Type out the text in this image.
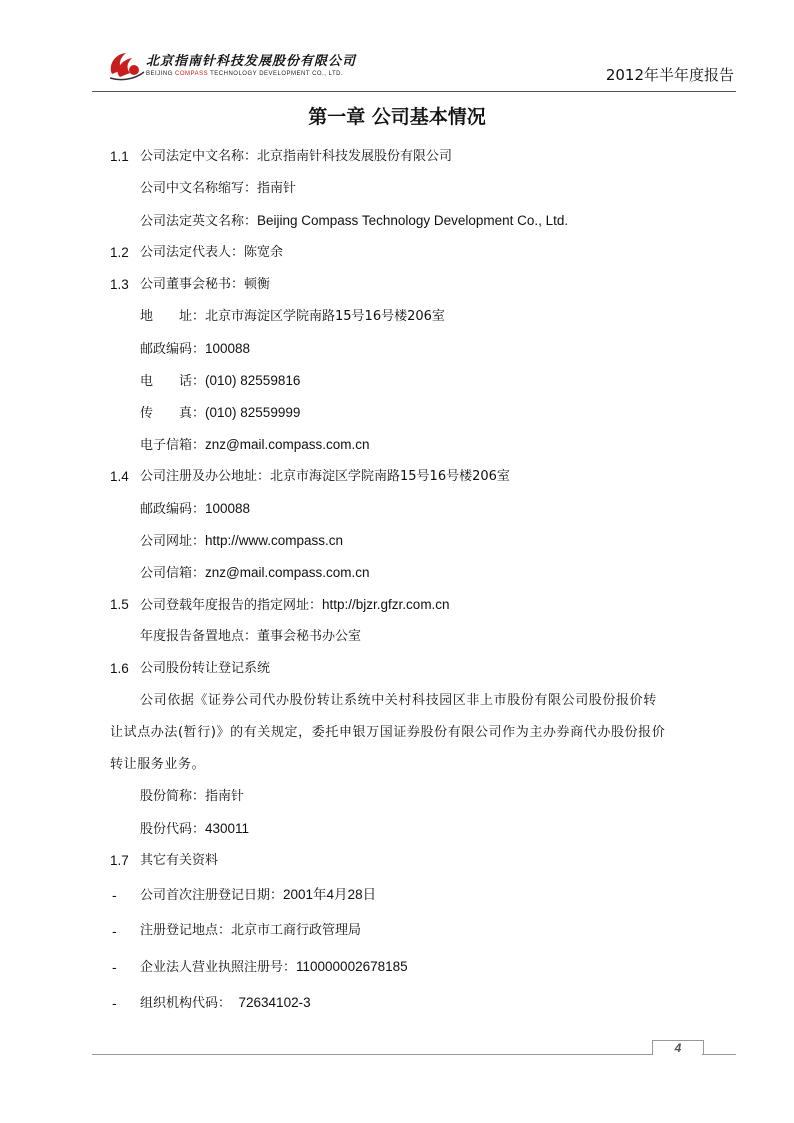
北京指南针科技发展股份有限公司
BEIJING COMPASS TECHNOLOGY DEVELOPMENT CO., LTD.	2012年半年度报告
第一章 公司基本情况
1.1 公司法定中文名称：北京指南针科技发展股份有限公司
公司中文名称缩写：指南针
公司法定英文名称：Beijing Compass Technology Development Co., Ltd.
1.2 公司法定代表人：陈宽余
1.3 公司董事会秘书：顿衡
地　　址：北京市海淀区学院南路15号16号楼206室
邮政编码：100088
电　　话：(010) 82559816
传　　真：(010) 82559999
电子信箱：znz@mail.compass.com.cn
1.4 公司注册及办公地址：北京市海淀区学院南路15号16号楼206室
邮政编码：100088
公司网址：http://www.compass.cn
公司信箱：znz@mail.compass.com.cn
1.5 公司登载年度报告的指定网址：http://bjzr.gfzr.com.cn
年度报告备置地点：董事会秘书办公室
1.6 公司股份转让登记系统
公司依据《证券公司代办股份转让系统中关村科技园区非上市股份有限公司股份报价转
让试点办法(暂行)》的有关规定，委托申银万国证券股份有限公司作为主办券商代办股份报价
转让服务业务。
股份简称：指南针
股份代码：430011
1.7 其它有关资料
- 公司首次注册登记日期：2001年4月28日
- 注册登记地点：北京市工商行政管理局
- 企业法人营业执照注册号：110000002678185
- 组织机构代码：  72634102-3
4
